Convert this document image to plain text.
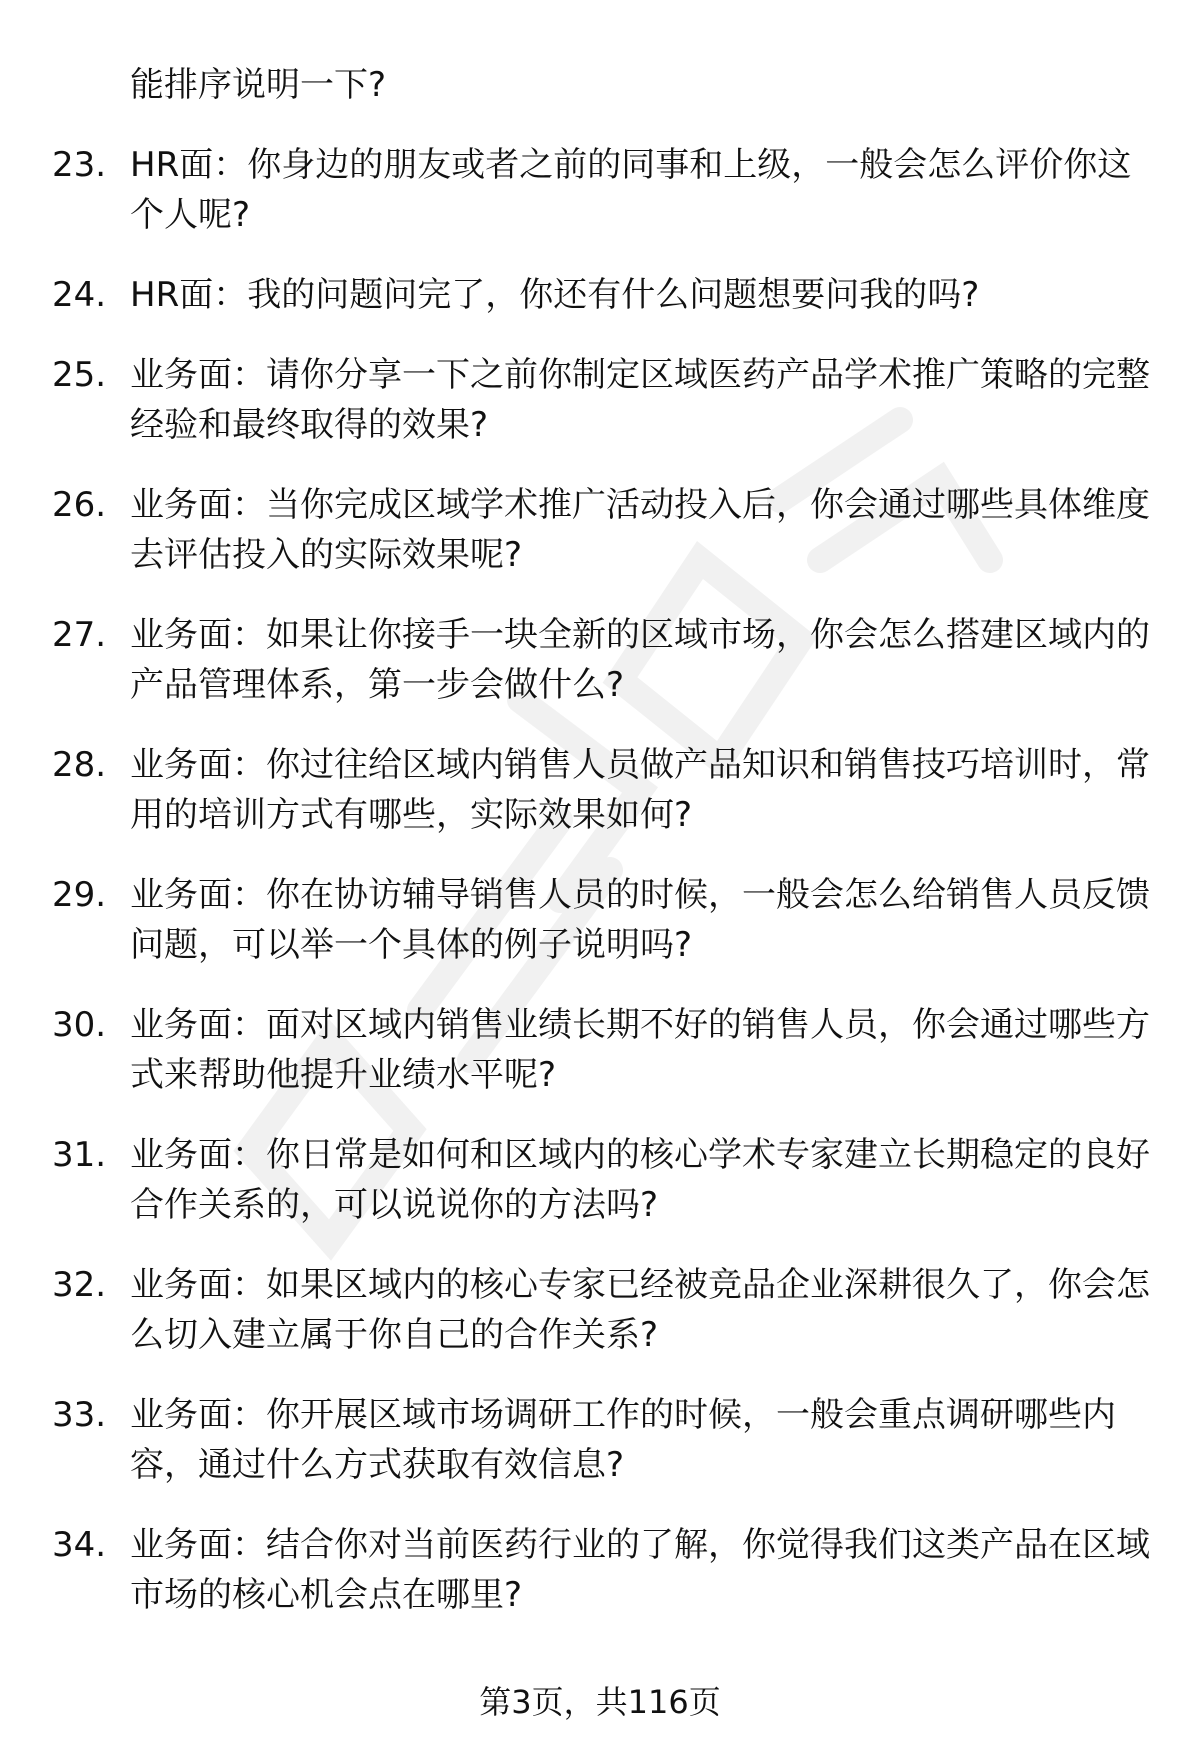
能排序说明一下?
23. HR面：你身边的朋友或者之前的同事和上级，一般会怎么评价你这个人呢?
24. HR面：我的问题问完了，你还有什么问题想要问我的吗?
25. 业务面：请你分享一下之前你制定区域医药产品学术推广策略的完整经验和最终取得的效果?
26. 业务面：当你完成区域学术推广活动投入后，你会通过哪些具体维度去评估投入的实际效果呢?
27. 业务面：如果让你接手一块全新的区域市场，你会怎么搭建区域内的产品管理体系，第一步会做什么?
28. 业务面：你过往给区域内销售人员做产品知识和销售技巧培训时，常用的培训方式有哪些，实际效果如何?
29. 业务面：你在协访辅导销售人员的时候，一般会怎么给销售人员反馈问题，可以举一个具体的例子说明吗?
30. 业务面：面对区域内销售业绩长期不好的销售人员，你会通过哪些方式来帮助他提升业绩水平呢?
31. 业务面：你日常是如何和区域内的核心学术专家建立长期稳定的良好合作关系的，可以说说你的方法吗?
32. 业务面：如果区域内的核心专家已经被竞品企业深耕很久了，你会怎么切入建立属于你自己的合作关系?
33. 业务面：你开展区域市场调研工作的时候，一般会重点调研哪些内容，通过什么方式获取有效信息?
34. 业务面：结合你对当前医药行业的了解，你觉得我们这类产品在区域市场的核心机会点在哪里?
第3页，共116页
